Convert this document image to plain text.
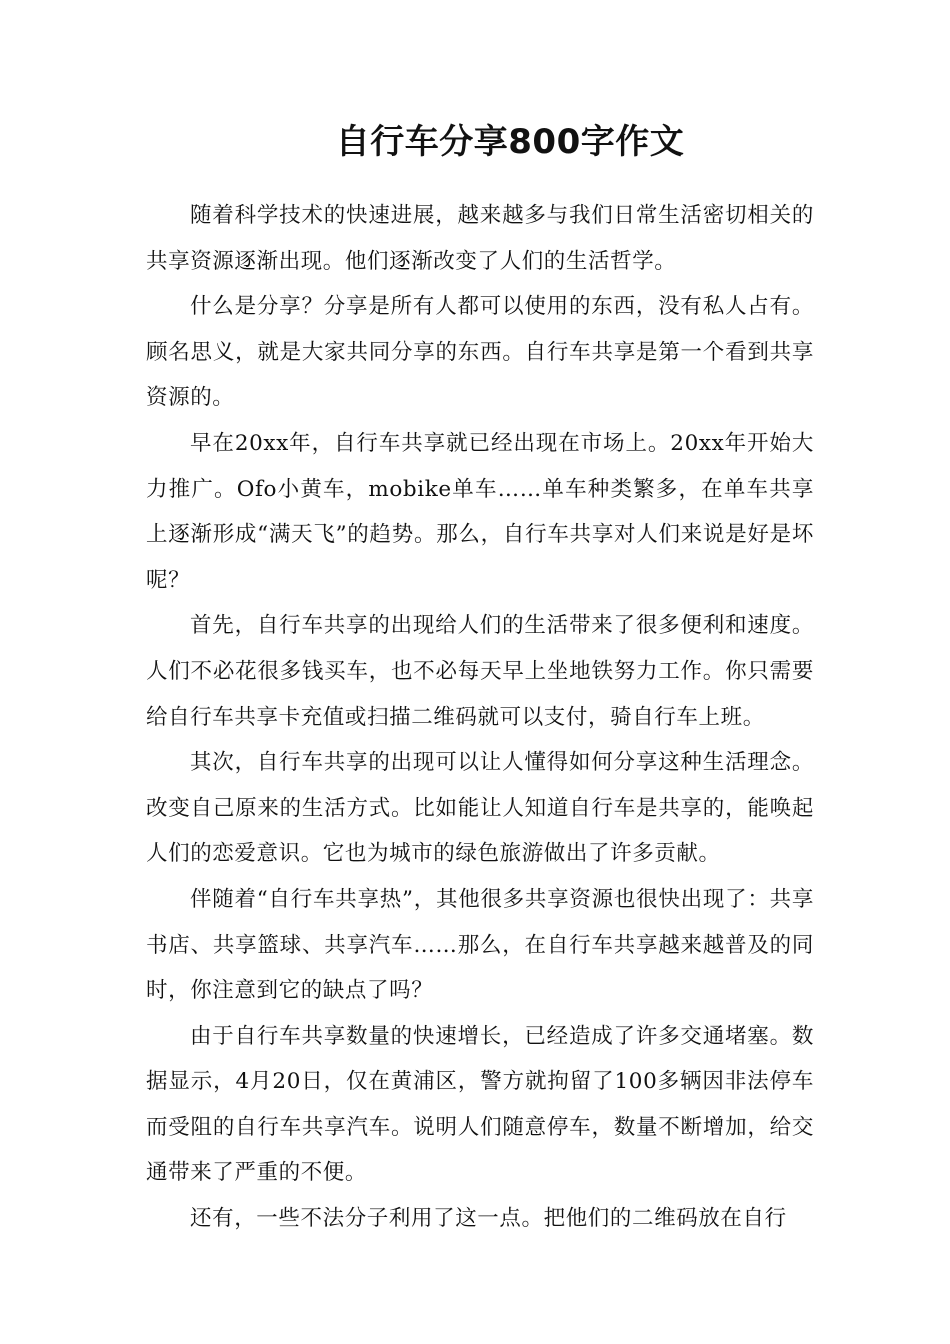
自行车分享800字作文

随着科学技术的快速进展，越来越多与我们日常生活密切相关的共享资源逐渐出现。他们逐渐改变了人们的生活哲学。

什么是分享？分享是所有人都可以使用的东西，没有私人占有。顾名思义，就是大家共同分享的东西。自行车共享是第一个看到共享资源的。

早在20xx年，自行车共享就已经出现在市场上。20xx年开始大力推广。Ofo小黄车，mobike单车……单车种类繁多，在单车共享上逐渐形成“满天飞”的趋势。那么，自行车共享对人们来说是好是坏呢？

首先，自行车共享的出现给人们的生活带来了很多便利和速度。人们不必花很多钱买车，也不必每天早上坐地铁努力工作。你只需要给自行车共享卡充值或扫描二维码就可以支付，骑自行车上班。

其次，自行车共享的出现可以让人懂得如何分享这种生活理念。改变自己原来的生活方式。比如能让人知道自行车是共享的，能唤起人们的恋爱意识。它也为城市的绿色旅游做出了许多贡献。

伴随着“自行车共享热”，其他很多共享资源也很快出现了：共享书店、共享篮球、共享汽车……那么，在自行车共享越来越普及的同时，你注意到它的缺点了吗？

由于自行车共享数量的快速增长，已经造成了许多交通堵塞。数据显示，4月20日，仅在黄浦区，警方就拘留了100多辆因非法停车而受阻的自行车共享汽车。说明人们随意停车，数量不断增加，给交通带来了严重的不便。

还有，一些不法分子利用了这一点。把他们的二维码放在自行
